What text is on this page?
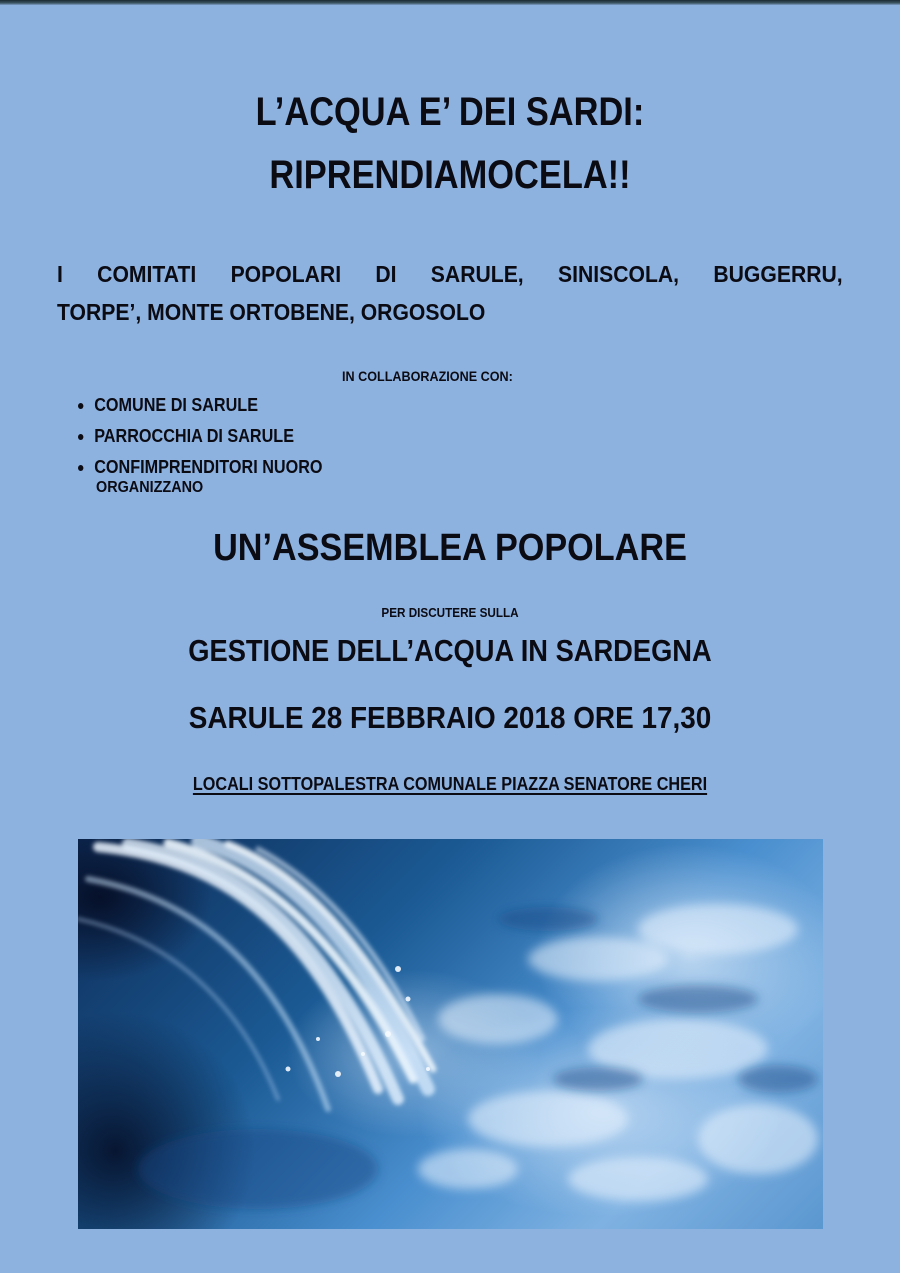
L’ACQUA E’ DEI SARDI:
RIPRENDIAMOCELA!!
I COMITATI POPOLARI DI SARULE, SINISCOLA, BUGGERRU,
TORPE’, MONTE ORTOBENE, ORGOSOLO
IN COLLABORAZIONE CON:
COMUNE DI SARULE
PARROCCHIA DI SARULE
CONFIMPRENDITORI NUORO
ORGANIZZANO
UN’ASSEMBLEA POPOLARE
PER DISCUTERE SULLA
GESTIONE DELL’ACQUA IN SARDEGNA
SARULE 28 FEBBRAIO 2018 ORE 17,30
LOCALI SOTTOPALESTRA COMUNALE PIAZZA SENATORE CHERI
